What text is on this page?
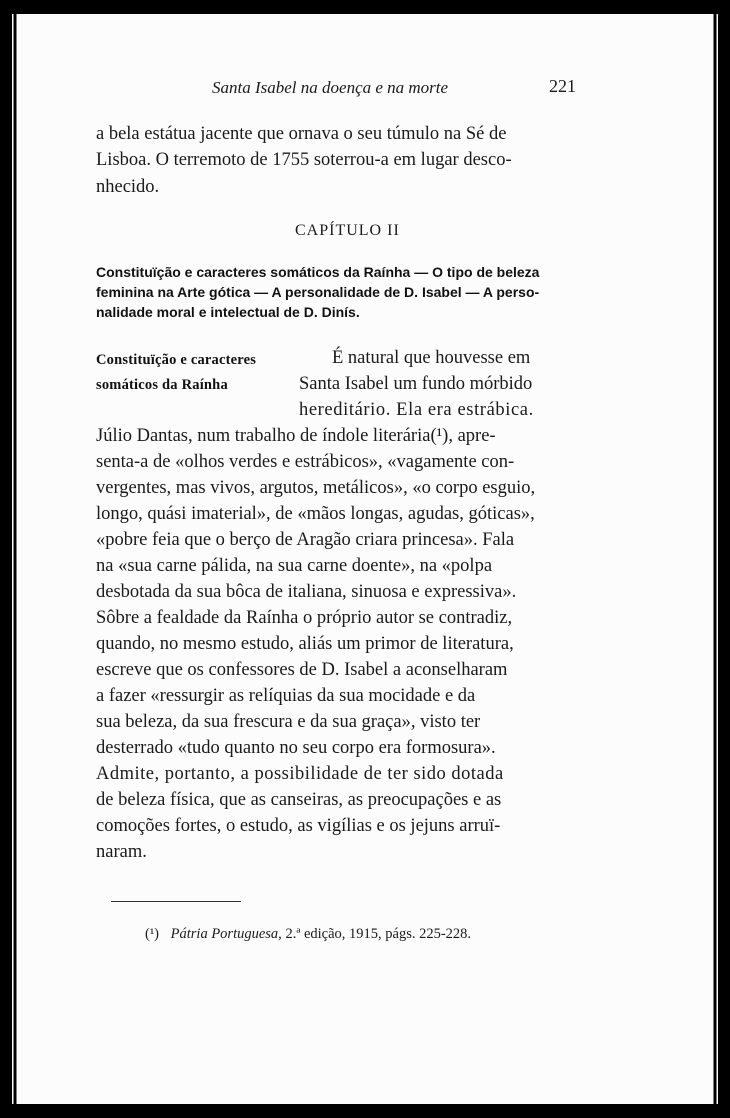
Santa Isabel na doença e na morte	221
a bela estátua jacente que ornava o seu túmulo na Sé de
Lisboa. O terremoto de 1755 soterrou-a em lugar desco-
nhecido.
CAPÍTULO II
Constituïção e caracteres somáticos da Raínha — O tipo de beleza
feminina na Arte gótica — A personalidade de D. Isabel — A perso-
nalidade moral e intelectual de D. Dinís.
Constituïção e caracteres
somáticos da Raínha
É natural que houvesse em
Santa Isabel um fundo mórbido
hereditário. Ela era estrábica.
Júlio Dantas, num trabalho de índole literária(¹), apre-
senta-a de «olhos verdes e estrábicos», «vagamente con-
vergentes, mas vivos, argutos, metálicos», «o corpo esguio,
longo, quási imaterial», de «mãos longas, agudas, góticas»,
«pobre feia que o berço de Aragão criara princesa». Fala
na «sua carne pálida, na sua carne doente», na «polpa
desbotada da sua bôca de italiana, sinuosa e expressiva».
Sôbre a fealdade da Raínha o próprio autor se contradiz,
quando, no mesmo estudo, aliás um primor de literatura,
escreve que os confessores de D. Isabel a aconselharam
a fazer «ressurgir as relíquias da sua mocidade e da
sua beleza, da sua frescura e da sua graça», visto ter
desterrado «tudo quanto no seu corpo era formosura».
Admite, portanto, a possibilidade de ter sido dotada
de beleza física, que as canseiras, as preocupações e as
comoções fortes, o estudo, as vigílias e os jejuns arruï-
naram.
(¹) Pátria Portuguesa, 2.ª edição, 1915, págs. 225-228.
